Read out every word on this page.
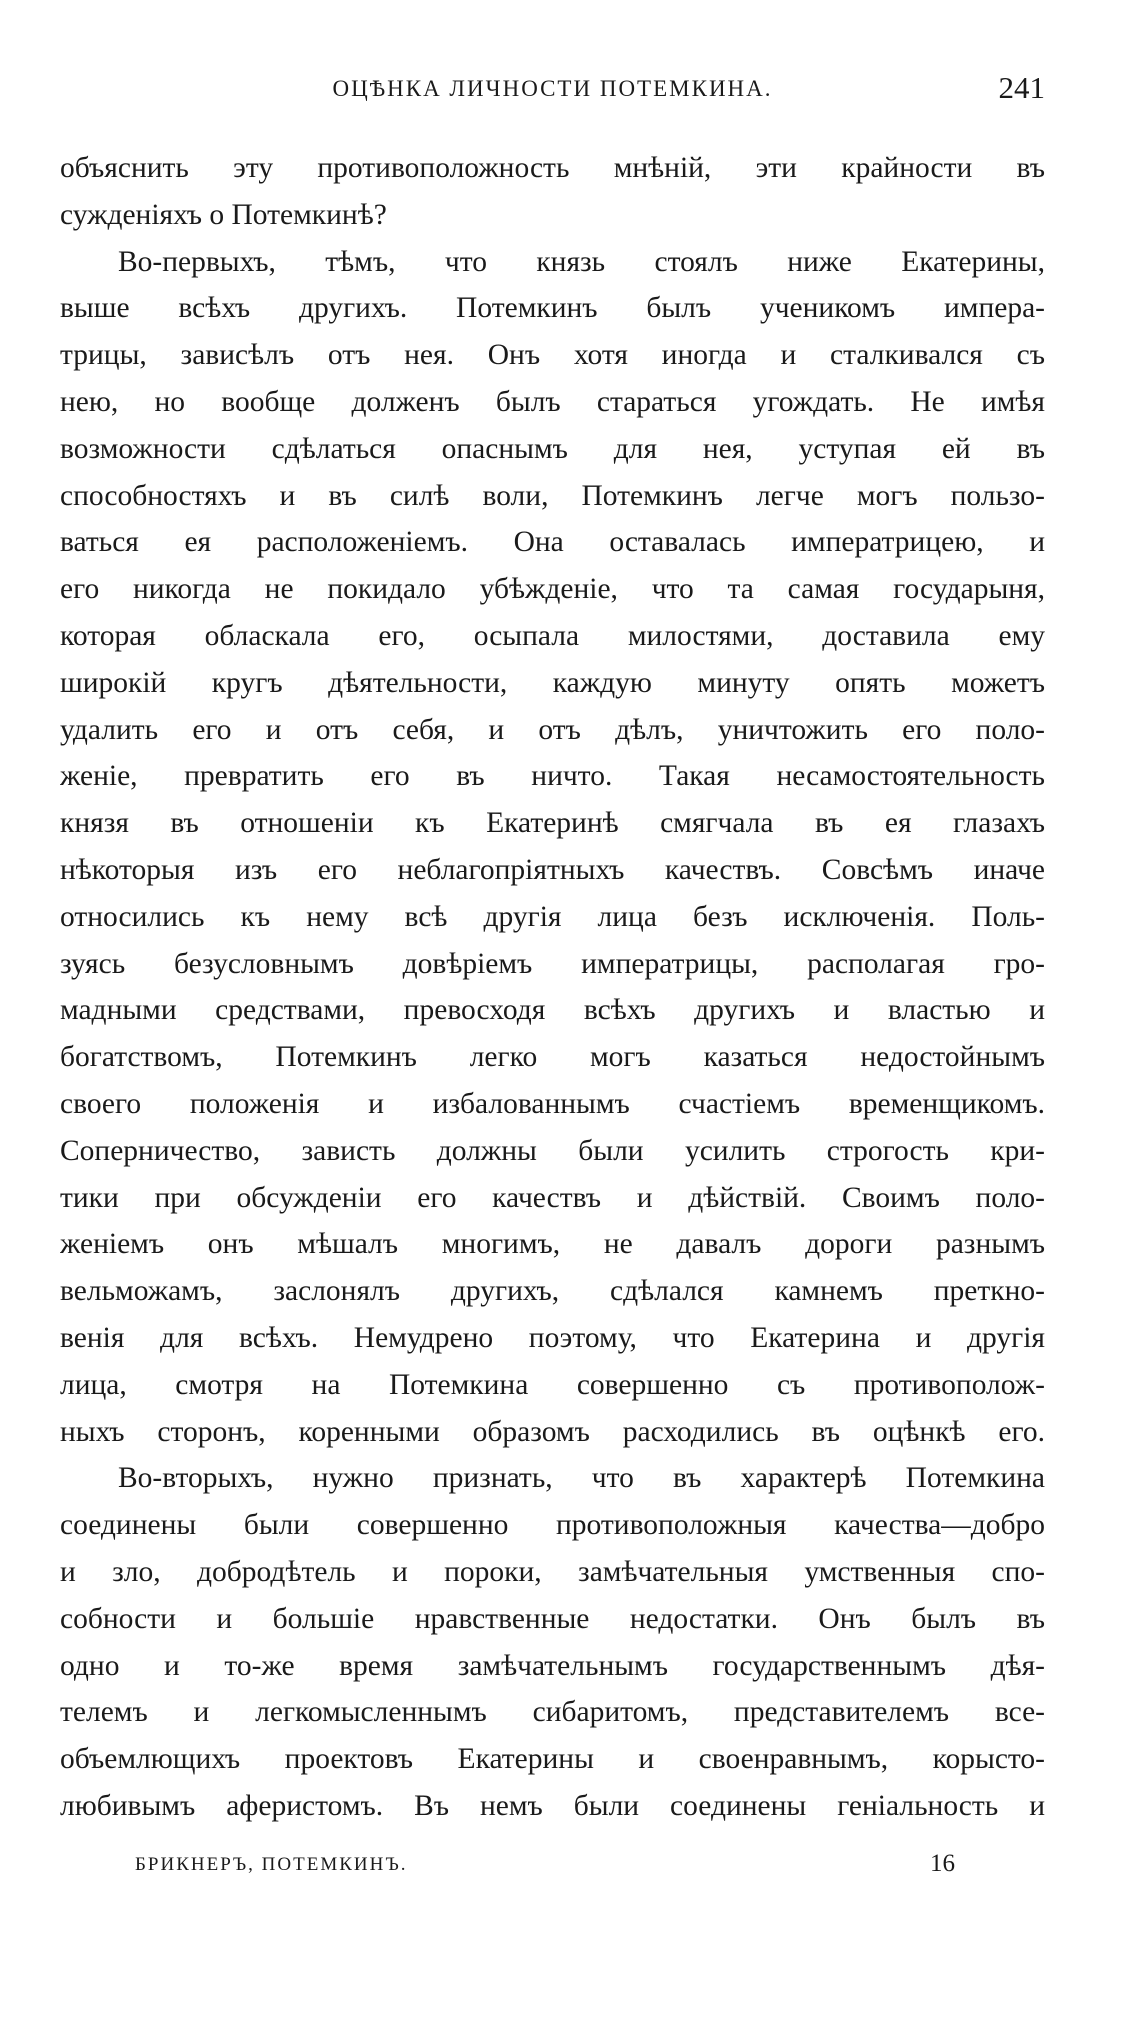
ОЦѢНКА ЛИЧНОСТИ ПОТЕМКИНА.	241
объяснить эту противоположность мнѣній, эти крайности въ
сужденіяхъ о Потемкинѣ?
Во-первыхъ, тѣмъ, что князь стоялъ ниже Екатерины,
выше всѣхъ другихъ. Потемкинъ былъ ученикомъ импера-
трицы, зависѣлъ отъ нея. Онъ хотя иногда и сталкивался съ
нею, но вообще долженъ былъ стараться угождать. Не имѣя
возможности сдѣлаться опаснымъ для нея, уступая ей въ
способностяхъ и въ силѣ воли, Потемкинъ легче могъ пользо-
ваться ея расположеніемъ. Она оставалась императрицею, и
его никогда не покидало убѣжденіе, что та самая государыня,
которая обласкала его, осыпала милостями, доставила ему
широкій кругъ дѣятельности, каждую минуту опять можетъ
удалить его и отъ себя, и отъ дѣлъ, уничтожить его поло-
женіе, превратить его въ ничто. Такая несамостоятельность
князя въ отношеніи къ Екатеринѣ смягчала въ ея глазахъ
нѣкоторыя изъ его неблагопріятныхъ качествъ. Совсѣмъ иначе
относились къ нему всѣ другія лица безъ исключенія. Поль-
зуясь безусловнымъ довѣріемъ императрицы, располагая гро-
мадными средствами, превосходя всѣхъ другихъ и властью и
богатствомъ, Потемкинъ легко могъ казаться недостойнымъ
своего положенія и избалованнымъ счастіемъ временщикомъ.
Соперничество, зависть должны были усилить строгость кри-
тики при обсужденіи его качествъ и дѣйствій. Своимъ поло-
женіемъ онъ мѣшалъ многимъ, не давалъ дороги разнымъ
вельможамъ, заслонялъ другихъ, сдѣлался камнемъ преткно-
венія для всѣхъ. Немудрено поэтому, что Екатерина и другія
лица, смотря на Потемкина совершенно съ противополож-
ныхъ сторонъ, коренными образомъ расходились въ оцѣнкѣ его.
Во-вторыхъ, нужно признать, что въ характерѣ Потемкина
соединены были совершенно противоположныя качества—добро
и зло, добродѣтель и пороки, замѣчательныя умственныя спо-
собности и большіе нравственные недостатки. Онъ былъ въ
одно и то-же время замѣчательнымъ государственнымъ дѣя-
телемъ и легкомысленнымъ сибаритомъ, представителемъ все-
объемлющихъ проектовъ Екатерины и своенравнымъ, корысто-
любивымъ аферистомъ. Въ немъ были соединены геніальность и
БРИКНЕРЪ, ПОТЕМКИНЪ.	16
